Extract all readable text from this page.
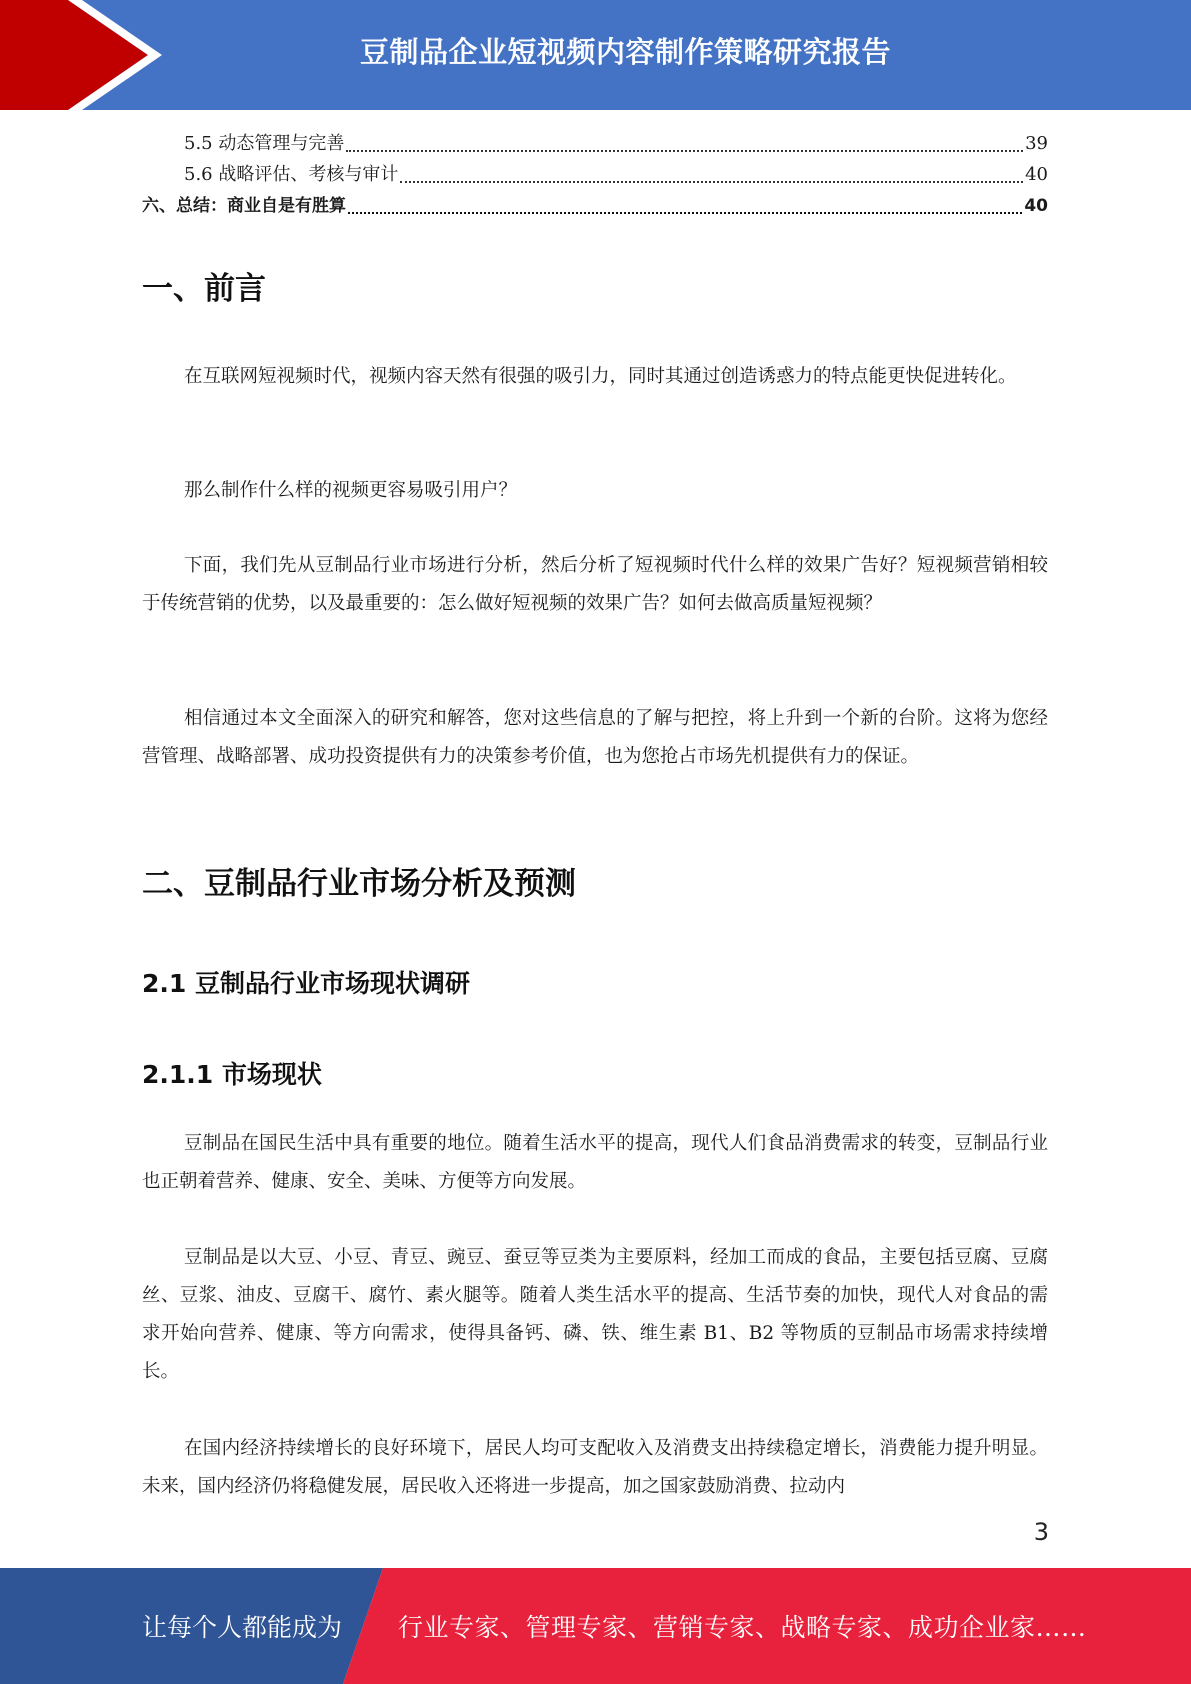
豆制品企业短视频内容制作策略研究报告
5.5 动态管理与完善	39
5.6 战略评估、考核与审计	40
六、总结：商业自是有胜算	40
一、前言
在互联网短视频时代，视频内容天然有很强的吸引力，同时其通过创造诱惑力的特点能更快促进转化。
那么制作什么样的视频更容易吸引用户？
下面，我们先从豆制品行业市场进行分析，然后分析了短视频时代什么样的效果广告好？短视频营销相较于传统营销的优势，以及最重要的：怎么做好短视频的效果广告？如何去做高质量短视频？
相信通过本文全面深入的研究和解答，您对这些信息的了解与把控，将上升到一个新的台阶。这将为您经营管理、战略部署、成功投资提供有力的决策参考价值，也为您抢占市场先机提供有力的保证。
二、豆制品行业市场分析及预测
2.1 豆制品行业市场现状调研
2.1.1 市场现状
豆制品在国民生活中具有重要的地位。随着生活水平的提高，现代人们食品消费需求的转变，豆制品行业也正朝着营养、健康、安全、美味、方便等方向发展。
豆制品是以大豆、小豆、青豆、豌豆、蚕豆等豆类为主要原料，经加工而成的食品，主要包括豆腐、豆腐丝、豆浆、油皮、豆腐干、腐竹、素火腿等。随着人类生活水平的提高、生活节奏的加快，现代人对食品的需求开始向营养、健康、等方向需求，使得具备钙、磷、铁、维生素 B1、B2 等物质的豆制品市场需求持续增长。
在国内经济持续增长的良好环境下，居民人均可支配收入及消费支出持续稳定增长，消费能力提升明显。未来，国内经济仍将稳健发展，居民收入还将进一步提高，加之国家鼓励消费、拉动内
3
让每个人都能成为 行业专家、管理专家、营销专家、战略专家、成功企业家……
